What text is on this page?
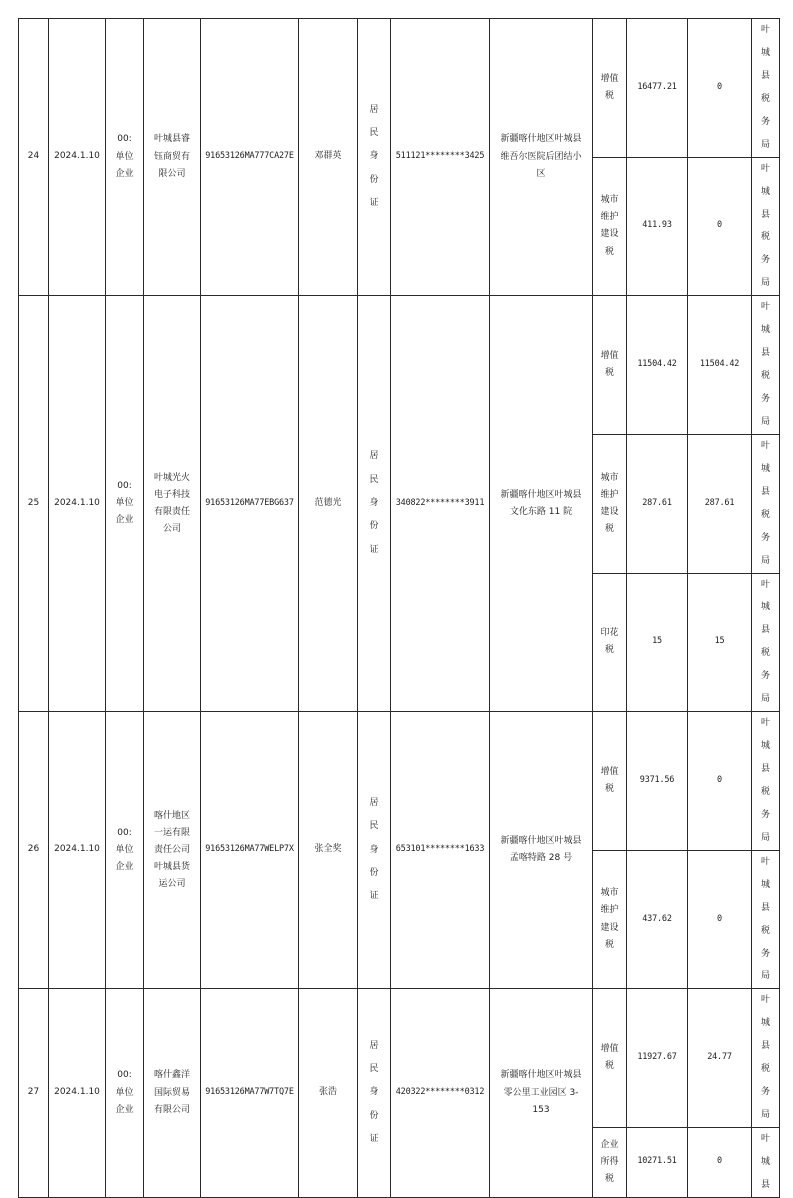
24	2024.1.10	00:单位企业	叶城县睿钰商贸有限公司	91653126MA777CA27E	邓群英	居民身份证	511121********3425	新疆喀什地区叶城县维吾尔医院后团结小区	增值税	16477.21	0	叶城县税务局
									城市维护建设税	411.93	0	叶城县税务局
25	2024.1.10	00:单位企业	叶城光火电子科技有限责任公司	91653126MA77EBG637	范德光	居民身份证	340822********3911	新疆喀什地区叶城县文化东路 11 院	增值税	11504.42	11504.42	叶城县税务局
									城市维护建设税	287.61	287.61	叶城县税务局
									印花税	15	15	叶城县税务局
26	2024.1.10	00:单位企业	喀什地区一运有限责任公司叶城县货运公司	91653126MA77WELP7X	张全奖	居民身份证	653101********1633	新疆喀什地区叶城县孟喀特路 28 号	增值税	9371.56	0	叶城县税务局
									城市维护建设税	437.62	0	叶城县税务局
27	2024.1.10	00:单位企业	喀什鑫洋国际贸易有限公司	91653126MA77W7TQ7E	张浩	居民身份证	420322********0312	新疆喀什地区叶城县零公里工业园区 3-153	增值税	11927.67	24.77	叶城县税务局
									企业所得税	10271.51	0	叶城县
